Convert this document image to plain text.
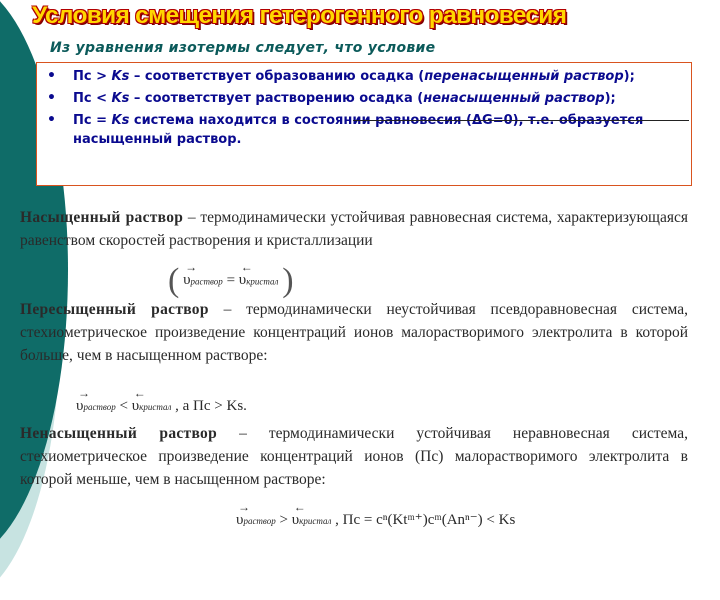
Условия смещения гетерогенного равновесия

Из уравнения изотермы следует, что условие

• Пс > Ks – соответствует образованию осадка (перенасыщенный раствор);
• Пс < Ks – соответствует растворению осадка (ненасыщенный раствор);
• Пс = Ks система находится в состоянии равновесия (ΔG=0), т.е. образуется насыщенный раствор.

Насыщенный раствор – термодинамически устойчивая равновесная система, характеризующаяся равенством скоростей растворения и кристаллизации

( →
υраствор =
←
υкристал )

Пересыщенный раствор – термодинамически неустойчивая псевдоравновесная система, стехиометрическое произведение концентраций ионов малорастворимого электролита в которой больше, чем в насыщенном растворе:

→
υраствор <
←
υкристал , а Пс > Ks.

Ненасыщенный раствор – термодинамически устойчивая неравновесная система, стехиометрическое произведение концентраций ионов (Пс) малорастворимого электролита в которой меньше, чем в насыщенном растворе:

→
υраствор >
←
υкристал , Пс = cⁿ(Ktᵐ⁺)cᵐ(Anⁿ⁻) < Ks
